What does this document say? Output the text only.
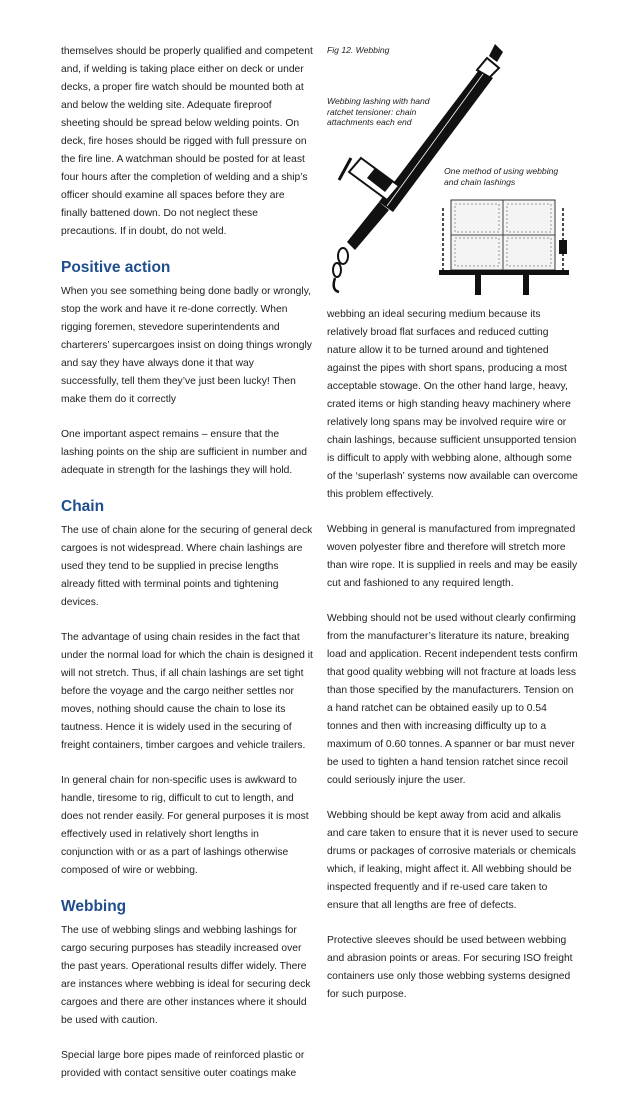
themselves should be properly qualified and competent and, if welding is taking place either on deck or under decks, a proper fire watch should be mounted both at and below the welding site. Adequate fireproof sheeting should be spread below welding points. On deck, fire hoses should be rigged with full pressure on the fire line. A watchman should be posted for at least four hours after the completion of welding and a ship’s officer should examine all spaces before they are finally battened down. Do not neglect these precautions. If in doubt, do not weld.

Positive action

When you see something being done badly or wrongly, stop the work and have it re-done correctly. When rigging foremen, stevedore superintendents and charterers’ supercargoes insist on doing things wrongly and say they have always done it that way successfully, tell them they’ve just been lucky! Then make them do it correctly

One important aspect remains – ensure that the lashing points on the ship are sufficient in number and adequate in strength for the lashings they will hold.

Chain

The use of chain alone for the securing of general deck cargoes is not widespread. Where chain lashings are used they tend to be supplied in precise lengths already fitted with terminal points and tightening devices.

The advantage of using chain resides in the fact that under the normal load for which the chain is designed it will not stretch. Thus, if all chain lashings are set tight before the voyage and the cargo neither settles nor moves, nothing should cause the chain to lose its tautness. Hence it is widely used in the securing of freight containers, timber cargoes and vehicle trailers.

In general chain for non-specific uses is awkward to handle, tiresome to rig, difficult to cut to length, and does not render easily. For general purposes it is most effectively used in relatively short lengths in conjunction with or as a part of lashings otherwise composed of wire or webbing.

Webbing

The use of webbing slings and webbing lashings for cargo securing purposes has steadily increased over the past years. Operational results differ widely. There are instances where webbing is ideal for securing deck cargoes and there are other instances where it should be used with caution.

Special large bore pipes made of reinforced plastic or provided with contact sensitive outer coatings make

Fig 12. Webbing
Webbing lashing with hand ratchet tensioner: chain attachments each end
One method of using webbing and chain lashings

webbing an ideal securing medium because its relatively broad flat surfaces and reduced cutting nature allow it to be turned around and tightened against the pipes with short spans, producing a most acceptable stowage. On the other hand large, heavy, crated items or high standing heavy machinery where relatively long spans may be involved require wire or chain lashings, because sufficient unsupported tension is difficult to apply with webbing alone, although some of the ‘superlash’ systems now available can overcome this problem effectively.

Webbing in general is manufactured from impregnated woven polyester fibre and therefore will stretch more than wire rope. It is supplied in reels and may be easily cut and fashioned to any required length.

Webbing should not be used without clearly confirming from the manufacturer’s literature its nature, breaking load and application. Recent independent tests confirm that good quality webbing will not fracture at loads less than those specified by the manufacturers. Tension on a hand ratchet can be obtained easily up to 0.54 tonnes and then with increasing difficulty up to a maximum of 0.60 tonnes. A spanner or bar must never be used to tighten a hand tension ratchet since recoil could seriously injure the user.

Webbing should be kept away from acid and alkalis and care taken to ensure that it is never used to secure drums or packages of corrosive materials or chemicals which, if leaking, might affect it. All webbing should be inspected frequently and if re-used care taken to ensure that all lengths are free of defects.

Protective sleeves should be used between webbing and abrasion points or areas. For securing ISO freight containers use only those webbing systems designed for such purpose.
